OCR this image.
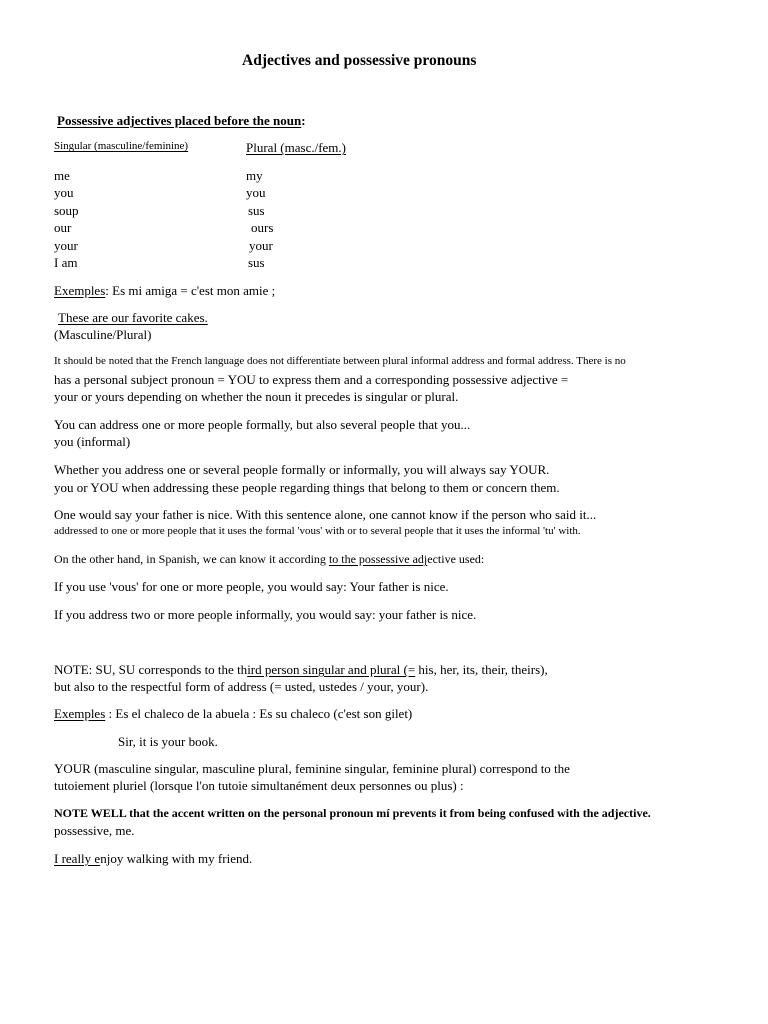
Adjectives and possessive pronouns
Possessive adjectives placed before the noun:
Singular (masculine/feminine)	Plural (masc./fem.)
me	my
you	you
soup	sus
our	ours
your	your
I am	sus
Exemples: Es mi amiga = c'est mon amie ;
These are our favorite cakes.
(Masculine/Plural)
It should be noted that the French language does not differentiate between plural informal address and formal address. There is no
has a personal subject pronoun = YOU to express them and a corresponding possessive adjective =
your or yours depending on whether the noun it precedes is singular or plural.
You can address one or more people formally, but also several people that you...
you (informal)
Whether you address one or several people formally or informally, you will always say YOUR.
you or YOU when addressing these people regarding things that belong to them or concern them.
One would say your father is nice. With this sentence alone, one cannot know if the person who said it...
addressed to one or more people that it uses the formal 'vous' with or to several people that it uses the informal 'tu' with.
On the other hand, in Spanish, we can know it according to the possessive adjective used:
If you use 'vous' for one or more people, you would say: Your father is nice.
If you address two or more people informally, you would say: your father is nice.
NOTE: SU, SU corresponds to the third person singular and plural (= his, her, its, their, theirs),
but also to the respectful form of address (= usted, ustedes / your, your).
Exemples : Es el chaleco de la abuela : Es su chaleco (c'est son gilet)
Sir, it is your book.
YOUR (masculine singular, masculine plural, feminine singular, feminine plural) correspond to the
tutoiement pluriel (lorsque l'on tutoie simultanément deux personnes ou plus) :
NOTE WELL that the accent written on the personal pronoun mí prevents it from being confused with the adjective.
possessive, me.
I really enjoy walking with my friend.
